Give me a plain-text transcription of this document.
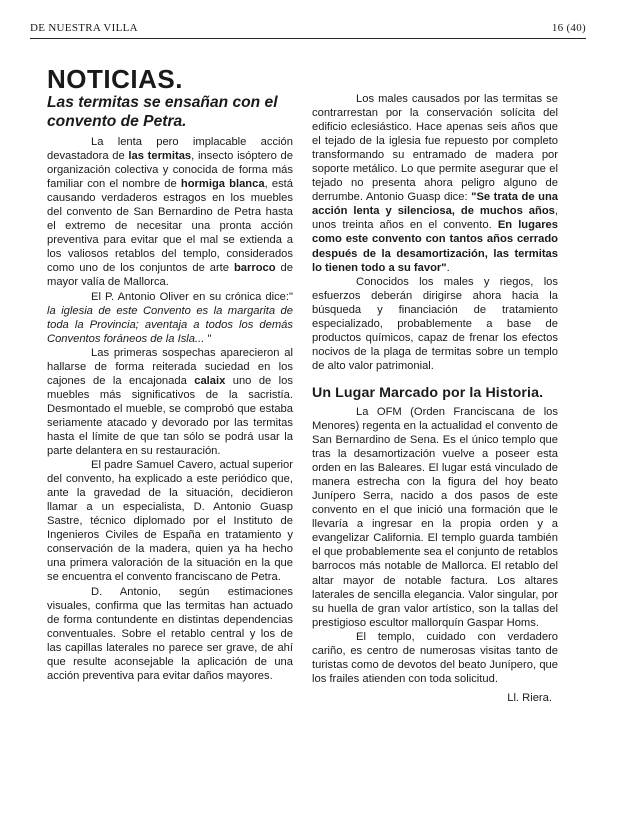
DE NUESTRA VILLA	16 (40)
NOTICIAS.
Las termitas se ensañan con el convento de Petra.

La lenta pero implacable acción devastadora de las termitas, insecto isóptero de organización colectiva y conocida de forma más familiar con el nombre de hormiga blanca, está causando verdaderos estragos en los muebles del convento de San Bernardino de Petra hasta el extremo de necesitar una pronta acción preventiva para evitar que el mal se extienda a los valiosos retablos del templo, considerados como uno de los conjuntos de arte barroco de mayor valía de Mallorca.

El P. Antonio Oliver en su crónica dice:" la iglesia de este Convento es la margarita de toda la Provincia; aventaja a todos los demás Conventos foráneos de la Isla... "

Las primeras sospechas aparecieron al hallarse de forma reiterada suciedad en los cajones de la encajonada calaix uno de los muebles más significativos de la sacristía. Desmontado el mueble, se comprobó que estaba seriamente atacado y devorado por las termitas hasta el límite de que tan sólo se podrá usar la parte delantera en su restauración.

El padre Samuel Cavero, actual superior del convento, ha explicado a este periódico que, ante la gravedad de la situación, decidieron llamar a un especialista, D. Antonio Guasp Sastre, técnico diplomado por el Instituto de Ingenieros Civiles de España en tratamiento y conservación de la madera, quien ya ha hecho una primera valoración de la situación en la que se encuentra el convento franciscano de Petra.

D. Antonio, según estimaciones visuales, confirma que las termitas han actuado de forma contundente en distintas dependencias conventuales. Sobre el retablo central y los de las capillas laterales no parece ser grave, de ahí que resulte aconsejable la aplicación de una acción preventiva para evitar daños mayores.

Los males causados por las termitas se contrarrestan por la conservación solícita del edificio eclesiástico. Hace apenas seis años que el tejado de la iglesia fue repuesto por completo transformando su entramado de madera por soporte metálico. Lo que permite asegurar que el tejado no presenta ahora peligro alguno de derrumbe. Antonio Guasp dice: "Se trata de una acción lenta y silenciosa, de muchos años, unos treinta años en el convento. En lugares como este convento con tantos años cerrado después de la desamortización, las termitas lo tienen todo a su favor".

Conocidos los males y riegos, los esfuerzos deberán dirigirse ahora hacia la búsqueda y financiación de tratamiento especializado, probablemente a base de productos químicos, capaz de frenar los efectos nocivos de la plaga de termitas sobre un templo de alto valor patrimonial.

Un Lugar Marcado por la Historia.

La OFM (Orden Franciscana de los Menores) regenta en la actualidad el convento de San Bernardino de Sena. Es el único templo que tras la desamortización vuelve a poseer esta orden en las Baleares. El lugar está vinculado de manera estrecha con la figura del hoy beato Junípero Serra, nacido a dos pasos de este convento en el que inició una formación que le llevaría a ingresar en la propia orden y a evangelizar California. El templo guarda también el que probablemente sea el conjunto de retablos barrocos más notable de Mallorca. El retablo del altar mayor de notable factura. Los altares laterales de sencilla elegancia. Valor singular, por su huella de gran valor artístico, son la tallas del prestigioso escultor mallorquín Gaspar Homs.

El templo, cuidado con verdadero cariño, es centro de numerosas visitas tanto de turistas como de devotos del beato Junípero, que los frailes atienden con toda solicitud.

Ll. Riera.
